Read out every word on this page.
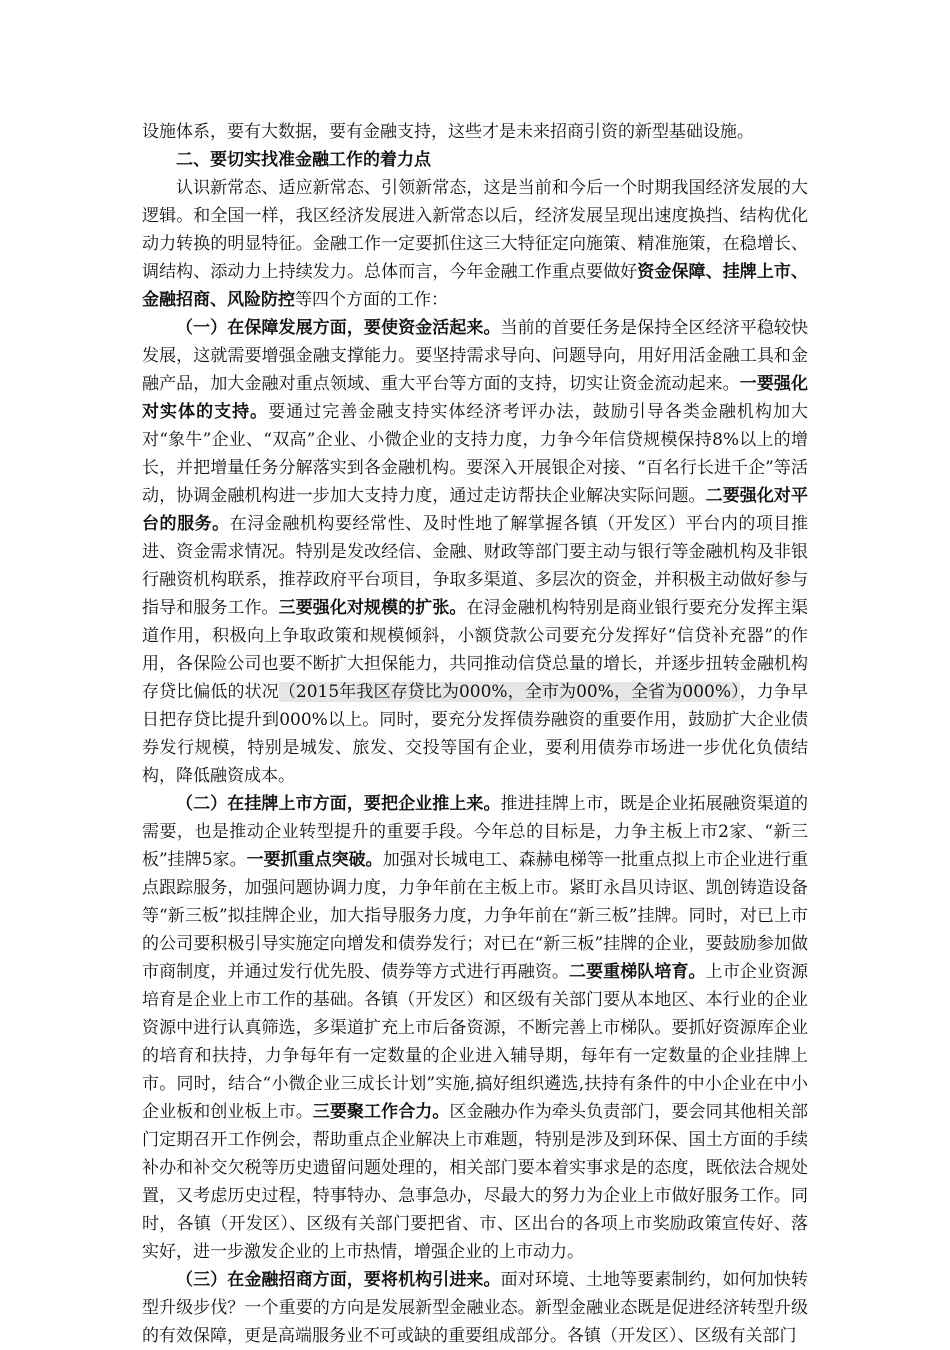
设施体系，要有大数据，要有金融支持，这些才是未来招商引资的新型基础设施。

二、要切实找准金融工作的着力点

认识新常态、适应新常态、引领新常态，这是当前和今后一个时期我国经济发展的大逻辑。和全国一样，我区经济发展进入新常态以后，经济发展呈现出速度换挡、结构优化动力转换的明显特征。金融工作一定要抓住这三大特征定向施策、精准施策，在稳增长、调结构、添动力上持续发力。总体而言，今年金融工作重点要做好资金保障、挂牌上市、金融招商、风险防控等四个方面的工作：

（一）在保障发展方面，要使资金活起来。当前的首要任务是保持全区经济平稳较快发展，这就需要增强金融支撑能力。要坚持需求导向、问题导向，用好用活金融工具和金融产品，加大金融对重点领域、重大平台等方面的支持，切实让资金流动起来。一要强化对实体的支持。要通过完善金融支持实体经济考评办法，鼓励引导各类金融机构加大对“象牛”企业、“双高”企业、小微企业的支持力度，力争今年信贷规模保持8%以上的增长，并把增量任务分解落实到各金融机构。要深入开展银企对接、“百名行长进千企”等活动，协调金融机构进一步加大支持力度，通过走访帮扶企业解决实际问题。二要强化对平台的服务。在浔金融机构要经常性、及时性地了解掌握各镇（开发区）平台内的项目推进、资金需求情况。特别是发改经信、金融、财政等部门要主动与银行等金融机构及非银行融资机构联系，推荐政府平台项目，争取多渠道、多层次的资金，并积极主动做好参与指导和服务工作。三要强化对规模的扩张。在浔金融机构特别是商业银行要充分发挥主渠道作用，积极向上争取政策和规模倾斜，小额贷款公司要充分发挥好“信贷补充器”的作用，各保险公司也要不断扩大担保能力，共同推动信贷总量的增长，并逐步扭转金融机构存贷比偏低的状况（2015年我区存贷比为000%，全市为00%，全省为000%），力争早日把存贷比提升到000%以上。同时，要充分发挥债券融资的重要作用，鼓励扩大企业债券发行规模，特别是城发、旅发、交投等国有企业，要利用债券市场进一步优化负债结构，降低融资成本。

（二）在挂牌上市方面，要把企业推上来。推进挂牌上市，既是企业拓展融资渠道的需要，也是推动企业转型提升的重要手段。今年总的目标是，力争主板上市2家、“新三板”挂牌5家。一要抓重点突破。加强对长城电工、森赫电梯等一批重点拟上市企业进行重点跟踪服务，加强问题协调力度，力争年前在主板上市。紧盯永昌贝诗讴、凯创铸造设备等“新三板”拟挂牌企业，加大指导服务力度，力争年前在“新三板”挂牌。同时，对已上市的公司要积极引导实施定向增发和债券发行；对已在“新三板”挂牌的企业，要鼓励参加做市商制度，并通过发行优先股、债券等方式进行再融资。二要重梯队培育。上市企业资源培育是企业上市工作的基础。各镇（开发区）和区级有关部门要从本地区、本行业的企业资源中进行认真筛选，多渠道扩充上市后备资源，不断完善上市梯队。要抓好资源库企业的培育和扶持，力争每年有一定数量的企业进入辅导期，每年有一定数量的企业挂牌上市。同时，结合“小微企业三成长计划”实施,搞好组织遴选,扶持有条件的中小企业在中小企业板和创业板上市。三要聚工作合力。区金融办作为牵头负责部门，要会同其他相关部门定期召开工作例会，帮助重点企业解决上市难题，特别是涉及到环保、国土方面的手续补办和补交欠税等历史遗留问题处理的，相关部门要本着实事求是的态度，既依法合规处置，又考虑历史过程，特事特办、急事急办，尽最大的努力为企业上市做好服务工作。同时，各镇（开发区）、区级有关部门要把省、市、区出台的各项上市奖励政策宣传好、落实好，进一步激发企业的上市热情，增强企业的上市动力。

（三）在金融招商方面，要将机构引进来。面对环境、土地等要素制约，如何加快转型升级步伐？一个重要的方向是发展新型金融业态。新型金融业态既是促进经济转型升级的有效保障，更是高端服务业不可或缺的重要组成部分。各镇（开发区）、区级有关部门
